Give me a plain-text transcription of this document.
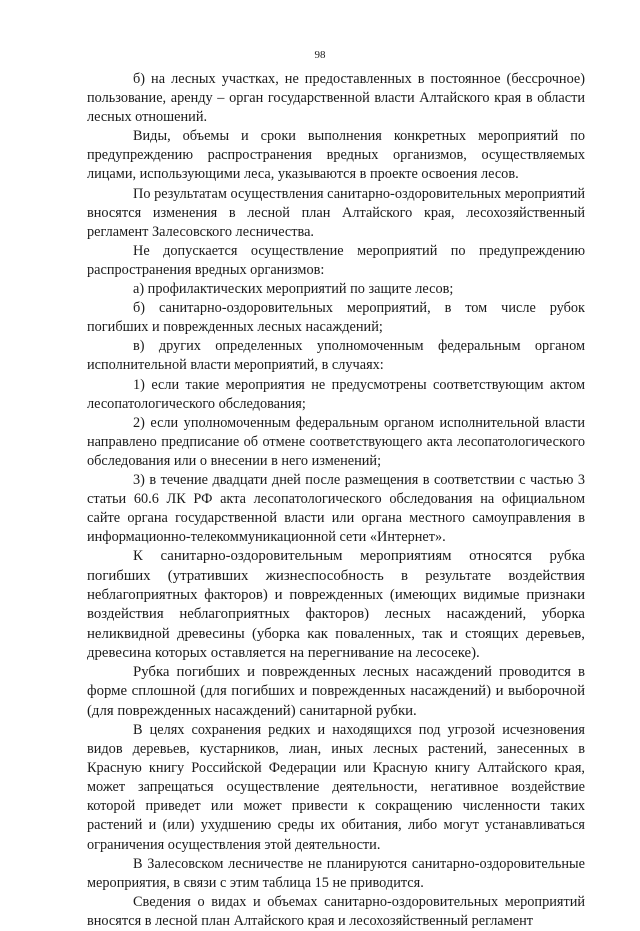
98

б) на лесных участках, не предоставленных в постоянное (бессрочное) пользование, аренду – орган государственной власти Алтайского края в области лесных отношений.

Виды, объемы и сроки выполнения конкретных мероприятий по предупреждению распространения вредных организмов, осуществляемых лицами, использующими леса, указываются в проекте освоения лесов.

По результатам осуществления санитарно-оздоровительных мероприятий вносятся изменения в лесной план Алтайского края, лесохозяйственный регламент Залесовского лесничества.

Не допускается осуществление мероприятий по предупреждению распространения вредных организмов:

а) профилактических мероприятий по защите лесов;

б) санитарно-оздоровительных мероприятий, в том числе рубок погибших и поврежденных лесных насаждений;

в) других определенных уполномоченным федеральным органом исполнительной власти мероприятий, в случаях:

1) если такие мероприятия не предусмотрены соответствующим актом лесопатологического обследования;

2) если уполномоченным федеральным органом исполнительной власти направлено предписание об отмене соответствующего акта лесопатологического обследования или о внесении в него изменений;

3) в течение двадцати дней после размещения в соответствии с частью 3 статьи 60.6 ЛК РФ акта лесопатологического обследования на официальном сайте органа государственной власти или органа местного самоуправления в информационно-телекоммуникационной сети «Интернет».

К санитарно-оздоровительным мероприятиям относятся рубка погибших (утративших жизнеспособность в результате воздействия неблагоприятных факторов) и поврежденных (имеющих видимые признаки воздействия неблагоприятных факторов) лесных насаждений, уборка неликвидной древесины (уборка как поваленных, так и стоящих деревьев, древесина которых оставляется на перегнивание на лесосеке).

Рубка погибших и поврежденных лесных насаждений проводится в форме сплошной (для погибших и поврежденных насаждений) и выборочной (для поврежденных насаждений) санитарной рубки.

В целях сохранения редких и находящихся под угрозой исчезновения видов деревьев, кустарников, лиан, иных лесных растений, занесенных в Красную книгу Российской Федерации или Красную книгу Алтайского края, может запрещаться осуществление деятельности, негативное воздействие которой приведет или может привести к сокращению численности таких растений и (или) ухудшению среды их обитания, либо могут устанавливаться ограничения осуществления этой деятельности.

В Залесовском лесничестве не планируются санитарно-оздоровительные мероприятия, в связи с этим таблица 15 не приводится.

Сведения о видах и объемах санитарно-оздоровительных мероприятий вносятся в лесной план Алтайского края и лесохозяйственный регламент
